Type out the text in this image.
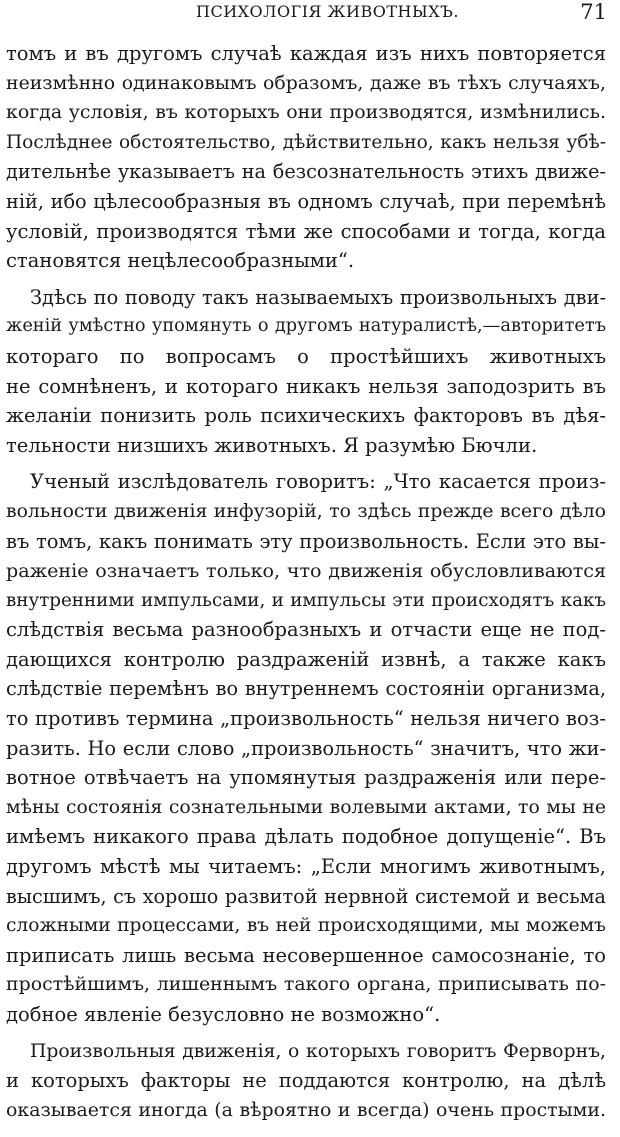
ПСИХОЛОГІЯ ЖИВОТНЫХЪ.	71
томъ и въ другомъ случаѣ каждая изъ нихъ повторяется
неизмѣнно одинаковымъ образомъ, даже въ тѣхъ случаяхъ,
когда условія, въ которыхъ они производятся, измѣнились.
Послѣднее обстоятельство, дѣйствительно, какъ нельзя убѣ-
дительнѣе указываетъ на безсознательность этихъ движе-
ній, ибо цѣлесообразныя въ одномъ случаѣ, при перемѣнѣ
условій, производятся тѣми же способами и тогда, когда
становятся нецѣлесообразными“.
Здѣсь по поводу такъ называемыхъ произвольныхъ дви-
женій умѣстно упомянуть о другомъ натуралистѣ,—авторитетъ
котораго по вопросамъ о простѣйшихъ животныхъ
не сомнѣненъ, и котораго никакъ нельзя заподозрить въ
желаніи понизить роль психическихъ факторовъ въ дѣя-
тельности низшихъ животныхъ. Я разумѣю Бючли.
Ученый изслѣдователь говоритъ: „Что касается произ-
вольности движенія инфузорій, то здѣсь прежде всего дѣло
въ томъ, какъ понимать эту произвольность. Если это вы-
раженіе означаетъ только, что движенія обусловливаются
внутренними импульсами, и импульсы эти происходятъ какъ
слѣдствія весьма разнообразныхъ и отчасти еще не под-
дающихся контролю раздраженій извнѣ, а также какъ
слѣдствіе перемѣнъ во внутреннемъ состояніи организма,
то противъ термина „произвольность“ нельзя ничего воз-
разить. Но если слово „произвольность“ значитъ, что жи-
вотное отвѣчаетъ на упомянутыя раздраженія или пере-
мѣны состоянія сознательными волевыми актами, то мы не
имѣемъ никакого права дѣлать подобное допущеніе“. Въ
другомъ мѣстѣ мы читаемъ: „Если многимъ животнымъ,
высшимъ, съ хорошо развитой нервной системой и весьма
сложными процессами, въ ней происходящими, мы можемъ
приписать лишь весьма несовершенное самосознаніе, то
простѣйшимъ, лишеннымъ такого органа, приписывать по-
добное явленіе безусловно не возможно“.
Произвольныя движенія, о которыхъ говоритъ Ферворнъ,
и которыхъ факторы не поддаются контролю, на дѣлѣ
оказывается иногда (а вѣроятно и всегда) очень простыми.
